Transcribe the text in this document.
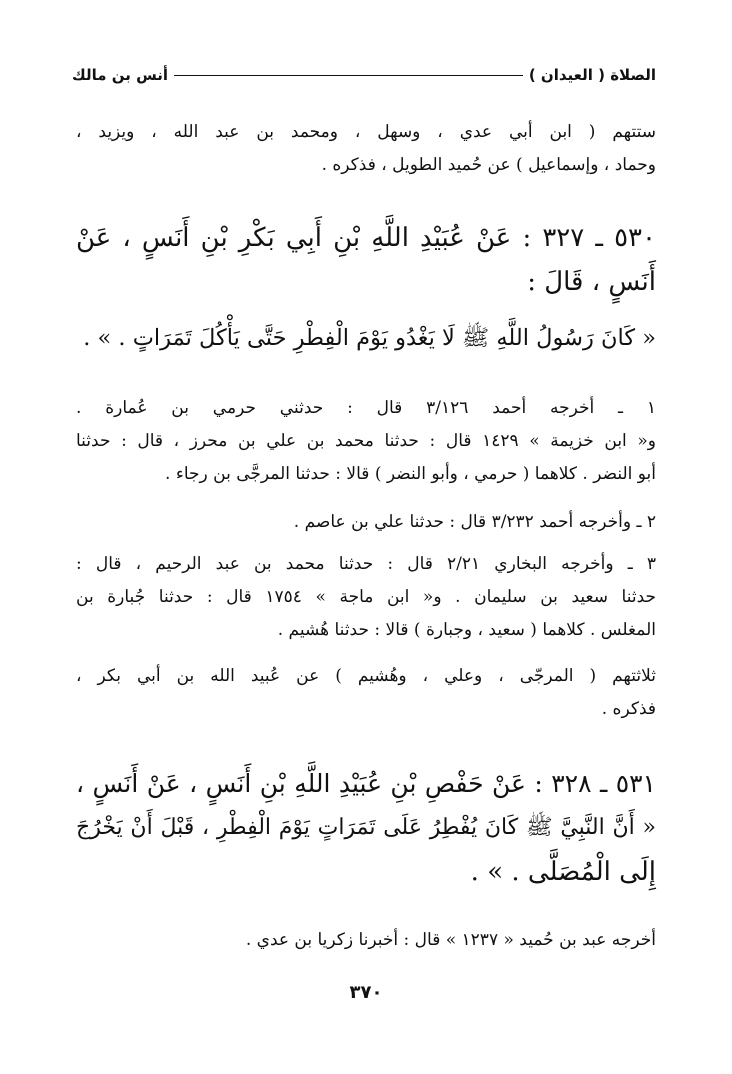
الصلاة ( العيدان )
أنس بن مالك
ستتهم ( ابن أبي عدي ، وسهل ، ومحمد بن عبد الله ، ويزيد ،
وحماد ، وإسماعيل ) عن حُميد الطويل ، فذكره .
٥٣٠ ـ ٣٢٧ : عَنْ عُبَيْدِ اللَّهِ بْنِ أَبِي بَكْرِ بْنِ أَنَسٍ ، عَنْ
أَنَسٍ ، قَالَ :
« كَانَ رَسُولُ اللَّهِ ﷺ لَا يَغْدُو يَوْمَ الْفِطْرِ حَتَّى يَأْكُلَ تَمَرَاتٍ . » .
١ ـ أخرجه أحمد ٣/١٢٦ قال : حدثني حرمي بن عُمارة .
و« ابن خزيمة » ١٤٢٩ قال : حدثنا محمد بن علي بن محرز ، قال : حدثنا
أبو النضر . كلاهما ( حرمي ، وأبو النضر ) قالا : حدثنا المرجَّى بن رجاء .
٢ ـ وأخرجه أحمد ٣/٢٣٢ قال : حدثنا علي بن عاصم .
٣ ـ وأخرجه البخاري ٢/٢١ قال : حدثنا محمد بن عبد الرحيم ، قال :
حدثنا سعيد بن سليمان . و« ابن ماجة » ١٧٥٤ قال : حدثنا جُبارة بن
المغلس . كلاهما ( سعيد ، وجبارة ) قالا : حدثنا هُشيم .
ثلاثتهم ( المرجّى ، وعلي ، وهُشيم ) عن عُبيد الله بن أبي بكر ،
فذكره .
٥٣١ ـ ٣٢٨ : عَنْ حَفْصِ بْنِ عُبَيْدِ اللَّهِ بْنِ أَنَسٍ ، عَنْ أَنَسٍ ،
« أَنَّ النَّبِيَّ ﷺ كَانَ يُفْطِرُ عَلَى تَمَرَاتٍ يَوْمَ الْفِطْرِ ، قَبْلَ أَنْ يَخْرُجَ
إِلَى الْمُصَلَّى . » .
أخرجه عبد بن حُميد « ١٢٣٧ » قال : أخبرنا زكريا بن عدي .
٣٧٠
